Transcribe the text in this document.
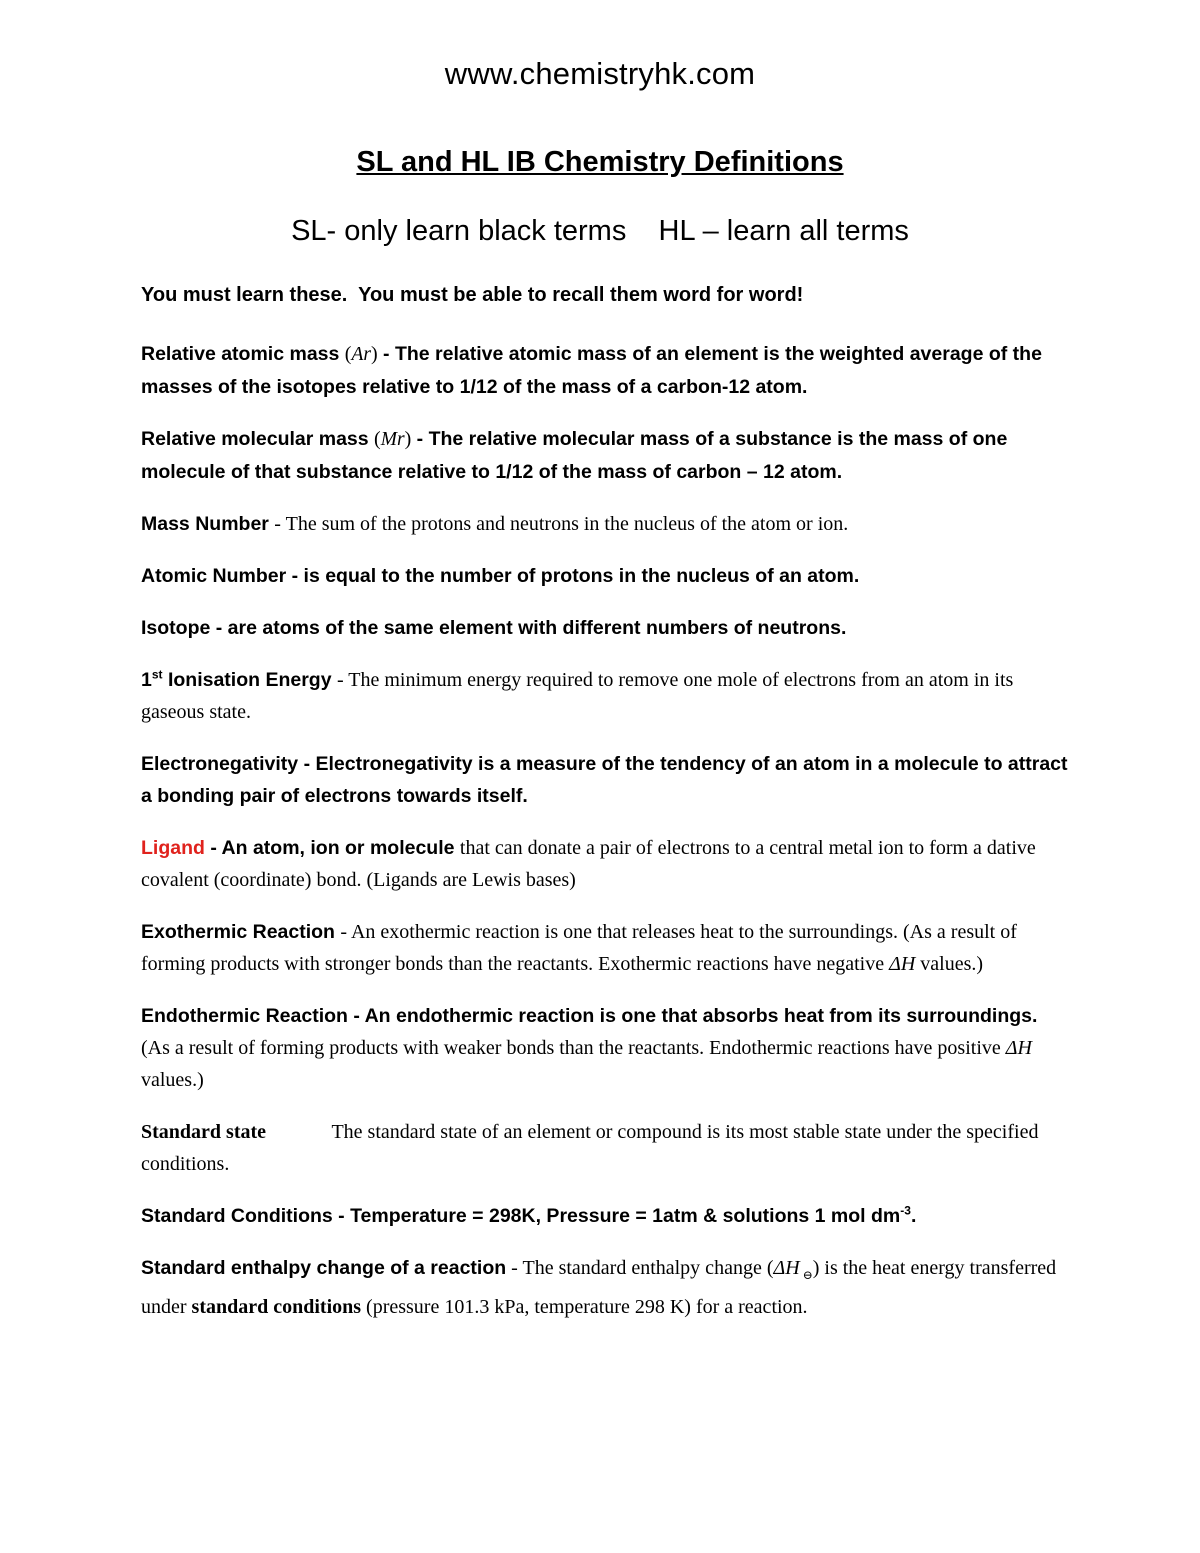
www.chemistryhk.com
SL and HL IB Chemistry Definitions
SL- only learn black terms    HL – learn all terms
You must learn these.  You must be able to recall them word for word!

Relative atomic mass (Ar) - The relative atomic mass of an element is the weighted average of the masses of the isotopes relative to 1/12 of the mass of a carbon-12 atom.

Relative molecular mass (Mr) - The relative molecular mass of a substance is the mass of one molecule of that substance relative to 1/12 of the mass of carbon – 12 atom.

Mass Number - The sum of the protons and neutrons in the nucleus of the atom or ion.

Atomic Number - is equal to the number of protons in the nucleus of an atom.

Isotope - are atoms of the same element with different numbers of neutrons.

1st Ionisation Energy - The minimum energy required to remove one mole of electrons from an atom in its gaseous state.

Electronegativity - Electronegativity is a measure of the tendency of an atom in a molecule to attract a bonding pair of electrons towards itself.

Ligand - An atom, ion or molecule that can donate a pair of electrons to a central metal ion to form a dative covalent (coordinate) bond. (Ligands are Lewis bases)

Exothermic Reaction - An exothermic reaction is one that releases heat to the surroundings. (As a result of forming products with stronger bonds than the reactants. Exothermic reactions have negative ΔH values.)

Endothermic Reaction - An endothermic reaction is one that absorbs heat from its surroundings. (As a result of forming products with weaker bonds than the reactants. Endothermic reactions have positive ΔH values.)

Standard state	The standard state of an element or compound is its most stable state under the specified conditions.

Standard Conditions - Temperature = 298K, Pressure = 1atm & solutions 1 mol $dm^{-3}$.

Standard enthalpy change of a reaction - The standard enthalpy change (ΔH $_⊖$) is the heat energy transferred under standard conditions (pressure 101.3 kPa, temperature 298 K) for a reaction.
